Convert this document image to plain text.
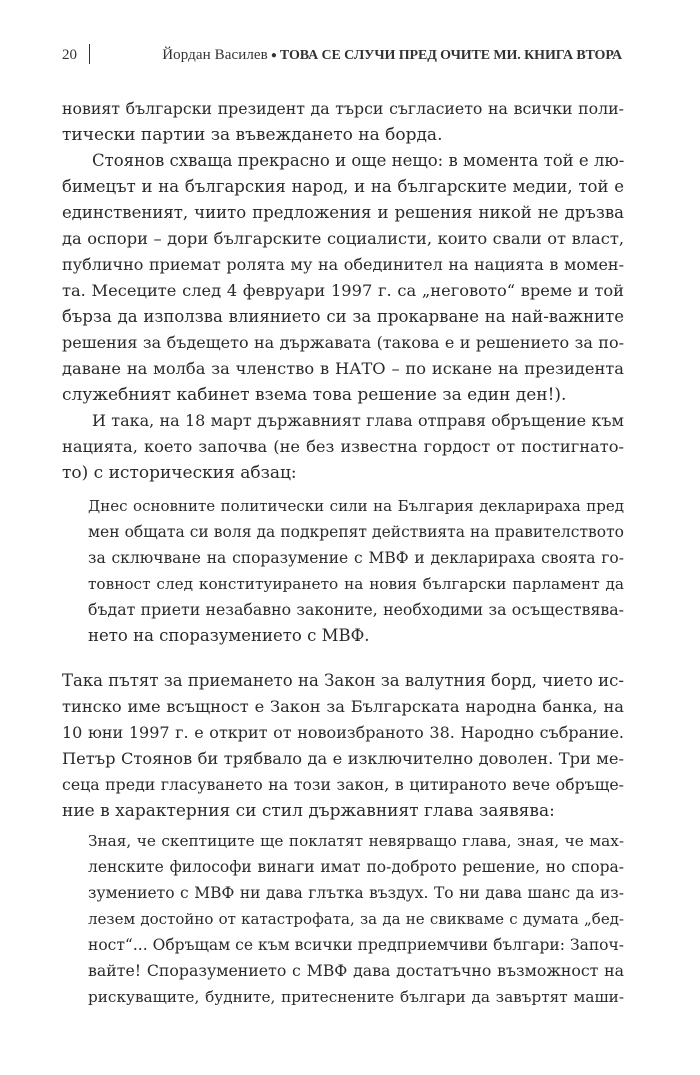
20	Йордан Василев ● ТОВА СЕ СЛУЧИ ПРЕД ОЧИТЕ МИ. КНИГА ВТОРА
новият български президент да търси съгласието на всички поли-
тически партии за въвеждането на борда.
Стоянов схваща прекрасно и още нещо: в момента той е лю-
бимецът и на българския народ, и на българските медии, той е
единственият, чиито предложения и решения никой не дръзва
да оспори – дори българските социалисти, които свали от власт,
публично приемат ролята му на обединител на нацията в момен-
та. Месеците след 4 февруари 1997 г. са „неговото“ време и той
бърза да използва влиянието си за прокарване на най-важните
решения за бъдещето на държавата (такова е и решението за по-
даване на молба за членство в НАТО – по искане на президента
служебният кабинет взема това решение за един ден!).
И така, на 18 март държавният глава отправя обръщение към
нацията, което започва (не без известна гордост от постигнато-
то) с историческия абзац:
Днес основните политически сили на България декларираха пред
мен общата си воля да подкрепят действията на правителството
за сключване на споразумение с МВФ и декларираха своята го-
товност след конституирането на новия български парламент да
бъдат приети незабавно законите, необходими за осъществява-
нето на споразумението с МВФ.
Така пътят за приемането на Закон за валутния борд, чието ис-
тинско име всъщност е Закон за Българската народна банка, на
10 юни 1997 г. е открит от новоизбраното 38. Народно събрание.
Петър Стоянов би трябвало да е изключително доволен. Три ме-
сеца преди гласуването на този закон, в цитираното вече обръще-
ние в характерния си стил държавният глава заявява:
Зная, че скептиците ще поклатят невярващо глава, зная, че мах-
ленските философи винаги имат по-доброто решение, но спора-
зумението с МВФ ни дава глътка въздух. То ни дава шанс да из-
лезем достойно от катастрофата, за да не свикваме с думата „бед-
ност“... Обръщам се към всички предприемчиви българи: Започ-
вайте! Споразумението с МВФ дава достатъчно възможност на
рискуващите, будните, притеснените българи да завъртят маши-
